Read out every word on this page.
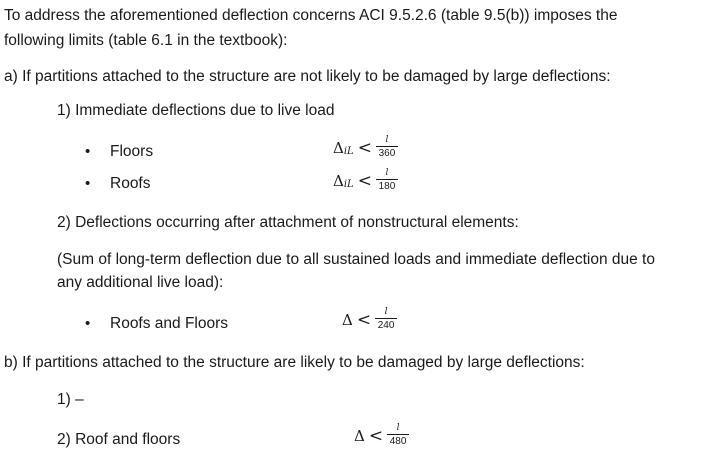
To address the aforementioned deflection concerns ACI 9.5.2.6 (table 9.5(b)) imposes the
following limits (table 6.1 in the textbook):
a) If partitions attached to the structure are not likely to be damaged by large deflections:
1) Immediate deflections due to live load
• Floors	Δ iL < $\frac{l}{360}$
• Roofs	Δ iL < $\frac{l}{180}$
2) Deflections occurring after attachment of nonstructural elements:
(Sum of long-term deflection due to all sustained loads and immediate deflection due to
any additional live load):
• Roofs and Floors	$\Delta < \frac{l}{240}$
b) If partitions attached to the structure are likely to be damaged by large deflections:
1) –
2) Roof and floors	$\Delta < \frac{l}{480}$
